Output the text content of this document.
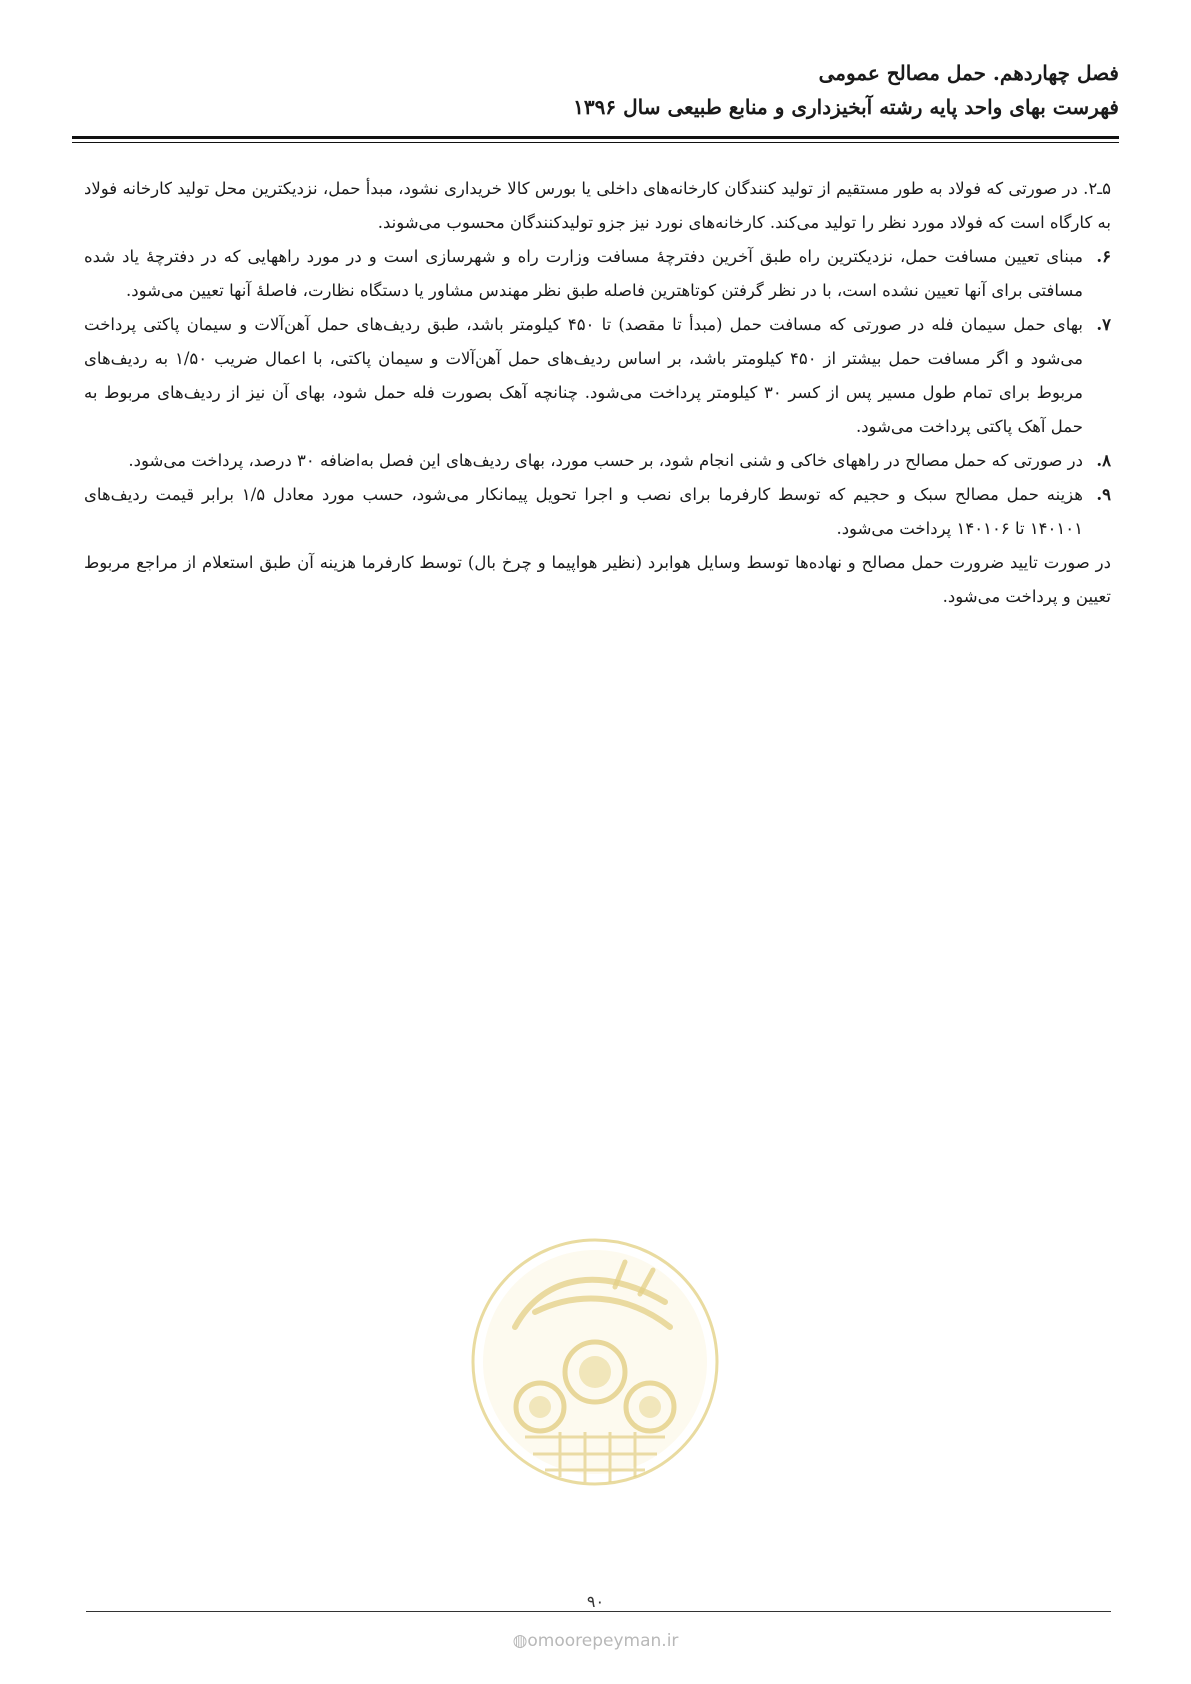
فصل چهاردهم. حمل مصالح عمومی
فهرست بهای واحد پایه رشته آبخیزداری و منابع طبیعی سال ۱۳۹۶

۵ـ۲. در صورتی که فولاد به طور مستقیم از تولید کنندگان کارخانه‌های داخلی یا بورس کالا خریداری نشود، مبدأ حمل، نزدیکترین محل تولید کارخانه فولاد به کارگاه است که فولاد مورد نظر را تولید می‌کند. کارخانه‌های نورد نیز جزو تولیدکنندگان محسوب می‌شوند.

۶.
مبنای تعیین مسافت حمل، نزدیکترین راه طبق آخرین دفترچهٔ مسافت وزارت راه و شهرسازی است و در مورد راههایی که در دفترچهٔ یاد شده مسافتی برای آنها تعیین نشده است، با در نظر گرفتن کوتاهترین فاصله طبق نظر مهندس مشاور یا دستگاه نظارت، فاصلهٔ آنها تعیین می‌شود.
۷.
بهای حمل سیمان فله در صورتی که مسافت حمل (مبدأ تا مقصد) تا ۴۵۰ کیلومتر باشد، طبق ردیف‌های حمل آهن‌آلات و سیمان پاکتی پرداخت می‌شود و اگر مسافت حمل بیشتر از ۴۵۰ کیلومتر باشد، بر اساس ردیف‌های حمل آهن‌آلات و سیمان پاکتی، با اعمال ضریب ۱/۵۰ به ردیف‌های مربوط برای تمام طول مسیر پس از کسر ۳۰ کیلومتر پرداخت می‌شود. چنانچه آهک بصورت فله حمل شود، بهای آن نیز از ردیف‌های مربوط به حمل آهک پاکتی پرداخت می‌شود.
۸.
در صورتی که حمل مصالح در راههای خاکی و شنی انجام شود، بر حسب مورد، بهای ردیف‌های این فصل به‌اضافه ۳۰ درصد، پرداخت می‌شود.
۹.
هزینه حمل مصالح سبک و حجیم که توسط کارفرما برای نصب و اجرا تحویل پیمانکار می‌شود، حسب مورد معادل ۱/۵ برابر قیمت ردیف‌های ۱۴۰۱۰۱ تا ۱۴۰۱۰۶ پرداخت می‌شود.

در صورت تایید ضرورت حمل مصالح و نهاده‌ها توسط وسایل هوابرد (نظیر هواپیما و چرخ بال) توسط کارفرما هزینه آن طبق استعلام از مراجع مربوط تعیین و پرداخت می‌شود.

۹۰
◍omoorepeyman.ir
